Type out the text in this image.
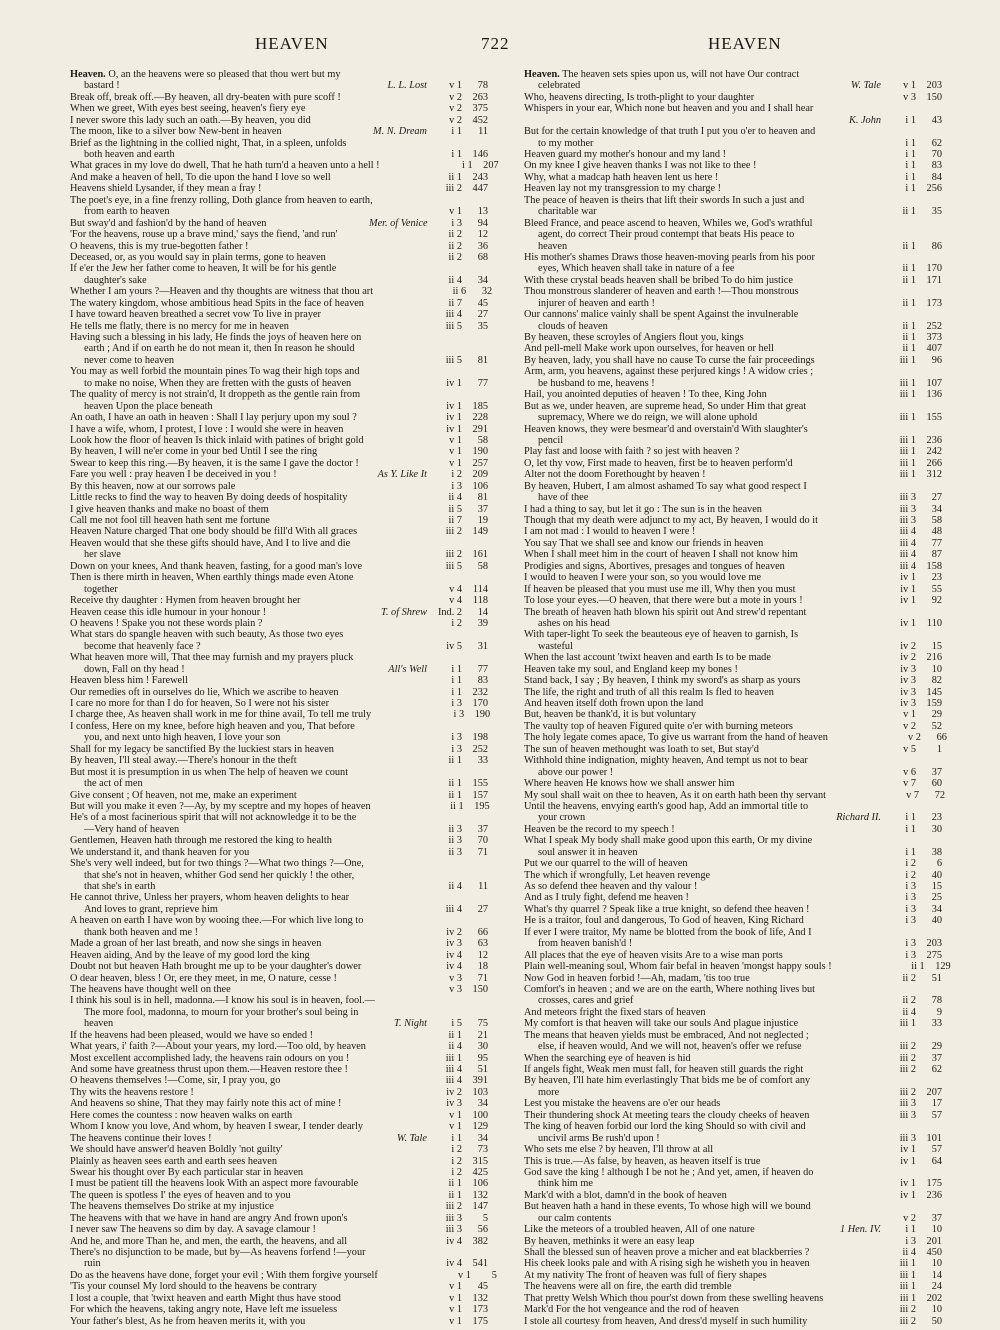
HEAVEN	722	HEAVEN
Heaven. O, an the heavens were so pleased that thou wert but my
bastard !	L. L. Lost	v 1	78
Break off, break off.—By heaven, all dry-beaten with pure scoff !	v 2	263
When we greet, With eyes best seeing, heaven's fiery eye	v 2	375
I never swore this lady such an oath.—By heaven, you did	v 2	452
The moon, like to a silver bow New-bent in heaven	M. N. Dream	i 1	11
Brief as the lightning in the collied night, That, in a spleen, unfolds
both heaven and earth	i 1	146
What graces in my love do dwell, That he hath turn'd a heaven unto a hell !	i 1	207
And make a heaven of hell, To die upon the hand I love so well	ii 1	243
Heavens shield Lysander, if they mean a fray !	iii 2	447
The poet's eye, in a fine frenzy rolling, Doth glance from heaven to earth,
from earth to heaven	v 1	13
But sway'd and fashion'd by the hand of heaven	Mer. of Venice	i 3	94
'For the heavens, rouse up a brave mind,' says the fiend, 'and run'	ii 2	12
O heavens, this is my true-begotten father !	ii 2	36
Deceased, or, as you would say in plain terms, gone to heaven	ii 2	68
If e'er the Jew her father come to heaven, It will be for his gentle
daughter's sake	ii 4	34
Whether I am yours ?—Heaven and thy thoughts are witness that thou art	ii 6	32
The watery kingdom, whose ambitious head Spits in the face of heaven	ii 7	45
I have toward heaven breathed a secret vow To live in prayer	iii 4	27
He tells me flatly, there is no mercy for me in heaven	iii 5	35
Having such a blessing in his lady, He finds the joys of heaven here on
earth ; And if on earth he do not mean it, then In reason he should
never come to heaven	iii 5	81
You may as well forbid the mountain pines To wag their high tops and
to make no noise, When they are fretten with the gusts of heaven	iv 1	77
The quality of mercy is not strain'd, It droppeth as the gentle rain from
heaven Upon the place beneath	iv 1	185
An oath, I have an oath in heaven : Shall I lay perjury upon my soul ?	iv 1	228
I have a wife, whom, I protest, I love : I would she were in heaven	iv 1	291
Look how the floor of heaven Is thick inlaid with patines of bright gold	v 1	58
By heaven, I will ne'er come in your bed Until I see the ring	v 1	190
Swear to keep this ring.—By heaven, it is the same I gave the doctor !	v 1	257
Fare you well : pray heaven I be deceived in you !	As Y. Like It	i 2	209
By this heaven, now at our sorrows pale	i 3	106
Little recks to find the way to heaven By doing deeds of hospitality	ii 4	81
I give heaven thanks and make no boast of them	ii 5	37
Call me not fool till heaven hath sent me fortune	ii 7	19
Heaven Nature charged That one body should be fill'd With all graces	iii 2	149
Heaven would that she these gifts should have, And I to live and die
her slave	iii 2	161
Down on your knees, And thank heaven, fasting, for a good man's love	iii 5	58
Then is there mirth in heaven, When earthly things made even Atone
together	v 4	114
Receive thy daughter : Hymen from heaven brought her	v 4	118
Heaven cease this idle humour in your honour !	T. of Shrew	Ind. 2	14
O heavens ! Spake you not these words plain ?	i 2	39
What stars do spangle heaven with such beauty, As those two eyes
become that heavenly face ?	iv 5	31
What heaven more will, That thee may furnish and my prayers pluck
down, Fall on thy head !	All's Well	i 1	77
Heaven bless him ! Farewell	i 1	83
Our remedies oft in ourselves do lie, Which we ascribe to heaven	i 1	232
I care no more for than I do for heaven, So I were not his sister	i 3	170
I charge thee, As heaven shall work in me for thine avail, To tell me truly	i 3	190
I confess, Here on my knee, before high heaven and you, That before
you, and next unto high heaven, I love your son	i 3	198
Shall for my legacy be sanctified By the luckiest stars in heaven	i 3	252
By heaven, I'll steal away.—There's honour in the theft	ii 1	33
But most it is presumption in us when The help of heaven we count
the act of men	ii 1	155
Give consent ; Of heaven, not me, make an experiment	ii 1	157
But will you make it even ?—Ay, by my sceptre and my hopes of heaven	ii 1	195
He's of a most facinerious spirit that will not acknowledge it to be the
—Very hand of heaven	ii 3	37
Gentlemen, Heaven hath through me restored the king to health	ii 3	70
We understand it, and thank heaven for you	ii 3	71
She's very well indeed, but for two things ?—What two things ?—One,
that she's not in heaven, whither God send her quickly ! the other,
that she's in earth	ii 4	11
He cannot thrive, Unless her prayers, whom heaven delights to hear
And loves to grant, reprieve him	iii 4	27
A heaven on earth I have won by wooing thee.—For which live long to
thank both heaven and me !	iv 2	66
Made a groan of her last breath, and now she sings in heaven	iv 3	63
Heaven aiding, And by the leave of my good lord the king	iv 4	12
Doubt not but heaven Hath brought me up to be your daughter's dower	iv 4	18
O dear heaven, bless ! Or, ere they meet, in me, O nature, cesse !	v 3	71
The heavens have thought well on thee	v 3	150
I think his soul is in hell, madonna.—I know his soul is in heaven, fool.—
The more fool, madonna, to mourn for your brother's soul being in
heaven	T. Night	i 5	75
If the heavens had been pleased, would we have so ended !	ii 1	21
What years, i' faith ?—About your years, my lord.—Too old, by heaven	ii 4	30
Most excellent accomplished lady, the heavens rain odours on you !	iii 1	95
And some have greatness thrust upon them.—Heaven restore thee !	iii 4	51
O heavens themselves !—Come, sir, I pray you, go	iii 4	391
Thy wits the heavens restore !	iv 2	103
And heavens so shine, That they may fairly note this act of mine !	iv 3	34
Here comes the countess : now heaven walks on earth	v 1	100
Whom I know you love, And whom, by heaven I swear, I tender dearly	v 1	129
The heavens continue their loves !	W. Tale	i 1	34
We should have answer'd heaven Boldly 'not guilty'	i 2	73
Plainly as heaven sees earth and earth sees heaven	i 2	315
Swear his thought over By each particular star in heaven	i 2	425
I must be patient till the heavens look With an aspect more favourable	ii 1	106
The queen is spotless I' the eyes of heaven and to you	ii 1	132
The heavens themselves Do strike at my injustice	iii 2	147
The heavens with that we have in hand are angry And frown upon's	iii 3	5
I never saw The heavens so dim by day. A savage clamour !	iii 3	56
And he, and more Than he, and men, the earth, the heavens, and all	iv 4	382
There's no disjunction to be made, but by—As heavens forfend !—your
ruin	iv 4	541
Do as the heavens have done, forget your evil ; With them forgive yourself	v 1	5
'Tis your counsel My lord should to the heavens be contrary	v 1	45
I lost a couple, that 'twixt heaven and earth Might thus have stood	v 1	132
For which the heavens, taking angry note, Have left me issueless	v 1	173
Your father's blest, As he from heaven merits it, with you	v 1	175
Heaven. The heaven sets spies upon us, will not have Our contract
celebrated	W. Tale	v 1	203
Who, heavens directing, Is troth-plight to your daughter	v 3	150
Whispers in your ear, Which none but heaven and you and I shall hear
K. John	i 1	43
But for the certain knowledge of that truth I put you o'er to heaven and
to my mother	i 1	62
Heaven guard my mother's honour and my land !	i 1	70
On my knee I give heaven thanks I was not like to thee !	i 1	83
Why, what a madcap hath heaven lent us here !	i 1	84
Heaven lay not my transgression to my charge !	i 1	256
The peace of heaven is theirs that lift their swords In such a just and
charitable war	ii 1	35
Bleed France, and peace ascend to heaven, Whiles we, God's wrathful
agent, do correct Their proud contempt that beats His peace to
heaven	ii 1	86
His mother's shames Draws those heaven-moving pearls from his poor
eyes, Which heaven shall take in nature of a fee	ii 1	170
With these crystal beads heaven shall be bribed To do him justice	ii 1	171
Thou monstrous slanderer of heaven and earth !—Thou monstrous
injurer of heaven and earth !	ii 1	173
Our cannons' malice vainly shall be spent Against the invulnerable
clouds of heaven	ii 1	252
By heaven, these scroyles of Angiers flout you, kings	ii 1	373
And pell-mell Make work upon ourselves, for heaven or hell	ii 1	407
By heaven, lady, you shall have no cause To curse the fair proceedings	iii 1	96
Arm, arm, you heavens, against these perjured kings ! A widow cries ;
be husband to me, heavens !	iii 1	107
Hail, you anointed deputies of heaven ! To thee, King John	iii 1	136
But as we, under heaven, are supreme head, So under Him that great
supremacy, Where we do reign, we will alone uphold	iii 1	155
Heaven knows, they were besmear'd and overstain'd With slaughter's
pencil	iii 1	236
Play fast and loose with faith ? so jest with heaven ?	iii 1	242
O, let thy vow, First made to heaven, first be to heaven perform'd	iii 1	266
Alter not the doom Forethought by heaven !	iii 1	312
By heaven, Hubert, I am almost ashamed To say what good respect I
have of thee	iii 3	27
I had a thing to say, but let it go : The sun is in the heaven	iii 3	34
Though that my death were adjunct to my act, By heaven, I would do it	iii 3	58
I am not mad : I would to heaven I were !	iii 4	48
You say That we shall see and know our friends in heaven	iii 4	77
When I shall meet him in the court of heaven I shall not know him	iii 4	87
Prodigies and signs, Abortives, presages and tongues of heaven	iii 4	158
I would to heaven I were your son, so you would love me	iv 1	23
If heaven be pleased that you must use me ill, Why then you must	iv 1	55
To lose your eyes.—O heaven, that there were but a mote in yours !	iv 1	92
The breath of heaven hath blown his spirit out And strew'd repentant
ashes on his head	iv 1	110
With taper-light To seek the beauteous eye of heaven to garnish, Is
wasteful	iv 2	15
When the last account 'twixt heaven and earth Is to be made	iv 2	216
Heaven take my soul, and England keep my bones !	iv 3	10
Stand back, I say ; By heaven, I think my sword's as sharp as yours	iv 3	82
The life, the right and truth of all this realm Is fled to heaven	iv 3	145
And heaven itself doth frown upon the land	iv 3	159
But, heaven be thank'd, it is but voluntary	v 1	29
The vaulty top of heaven Figured quite o'er with burning meteors	v 2	52
The holy legate comes apace, To give us warrant from the hand of heaven	v 2	66
The sun of heaven methought was loath to set, But stay'd	v 5	1
Withhold thine indignation, mighty heaven, And tempt us not to bear
above our power !	v 6	37
Where heaven He knows how we shall answer him	v 7	60
My soul shall wait on thee to heaven, As it on earth hath been thy servant	v 7	72
Until the heavens, envying earth's good hap, Add an immortal title to
your crown	Richard II.	i 1	23
Heaven be the record to my speech !	i 1	30
What I speak My body shall make good upon this earth, Or my divine
soul answer it in heaven	i 1	38
Put we our quarrel to the will of heaven	i 2	6
The which if wrongfully, Let heaven revenge	i 2	40
As so defend thee heaven and thy valour !	i 3	15
And as I truly fight, defend me heaven !	i 3	25
What's thy quarrel ? Speak like a true knight, so defend thee heaven !	i 3	34
He is a traitor, foul and dangerous, To God of heaven, King Richard	i 3	40
If ever I were traitor, My name be blotted from the book of life, And I
from heaven banish'd !	i 3	203
All places that the eye of heaven visits Are to a wise man ports	i 3	275
Plain well-meaning soul, Whom fair befal in heaven 'mongst happy souls !	ii 1	129
Now God in heaven forbid !—Ah, madam, 'tis too true	ii 2	51
Comfort's in heaven ; and we are on the earth, Where nothing lives but
crosses, cares and grief	ii 2	78
And meteors fright the fixed stars of heaven	ii 4	9
My comfort is that heaven will take our souls And plague injustice	iii 1	33
The means that heaven yields must be embraced, And not neglected ;
else, if heaven would, And we will not, heaven's offer we refuse	iii 2	29
When the searching eye of heaven is hid	iii 2	37
If angels fight, Weak men must fall, for heaven still guards the right	iii 2	62
By heaven, I'll hate him everlastingly That bids me be of comfort any
more	iii 2	207
Lest you mistake the heavens are o'er our heads	iii 3	17
Their thundering shock At meeting tears the cloudy cheeks of heaven	iii 3	57
The king of heaven forbid our lord the king Should so with civil and
uncivil arms Be rush'd upon !	iii 3	101
Who sets me else ? by heaven, I'll throw at all	iv 1	57
This is true.—As false, by heaven, as heaven itself is true	iv 1	64
God save the king ! although I be not he ; And yet, amen, if heaven do
think him me	iv 1	175
Mark'd with a blot, damn'd in the book of heaven	iv 1	236
But heaven hath a hand in these events, To whose high will we bound
our calm contents	v 2	37
Like the meteors of a troubled heaven, All of one nature	1 Hen. IV.	i 1	10
By heaven, methinks it were an easy leap	i 3	201
Shall the blessed sun of heaven prove a micher and eat blackberries ?	ii 4	450
His cheek looks pale and with A rising sigh he wisheth you in heaven	iii 1	10
At my nativity The front of heaven was full of fiery shapes	iii 1	14
The heavens were all on fire, the earth did tremble	iii 1	24
That pretty Welsh Which thou pour'st down from these swelling heavens	iii 1	202
Mark'd For the hot vengeance and the rod of heaven	iii 2	10
I stole all courtesy from heaven, And dress'd myself in such humility	iii 2	50
